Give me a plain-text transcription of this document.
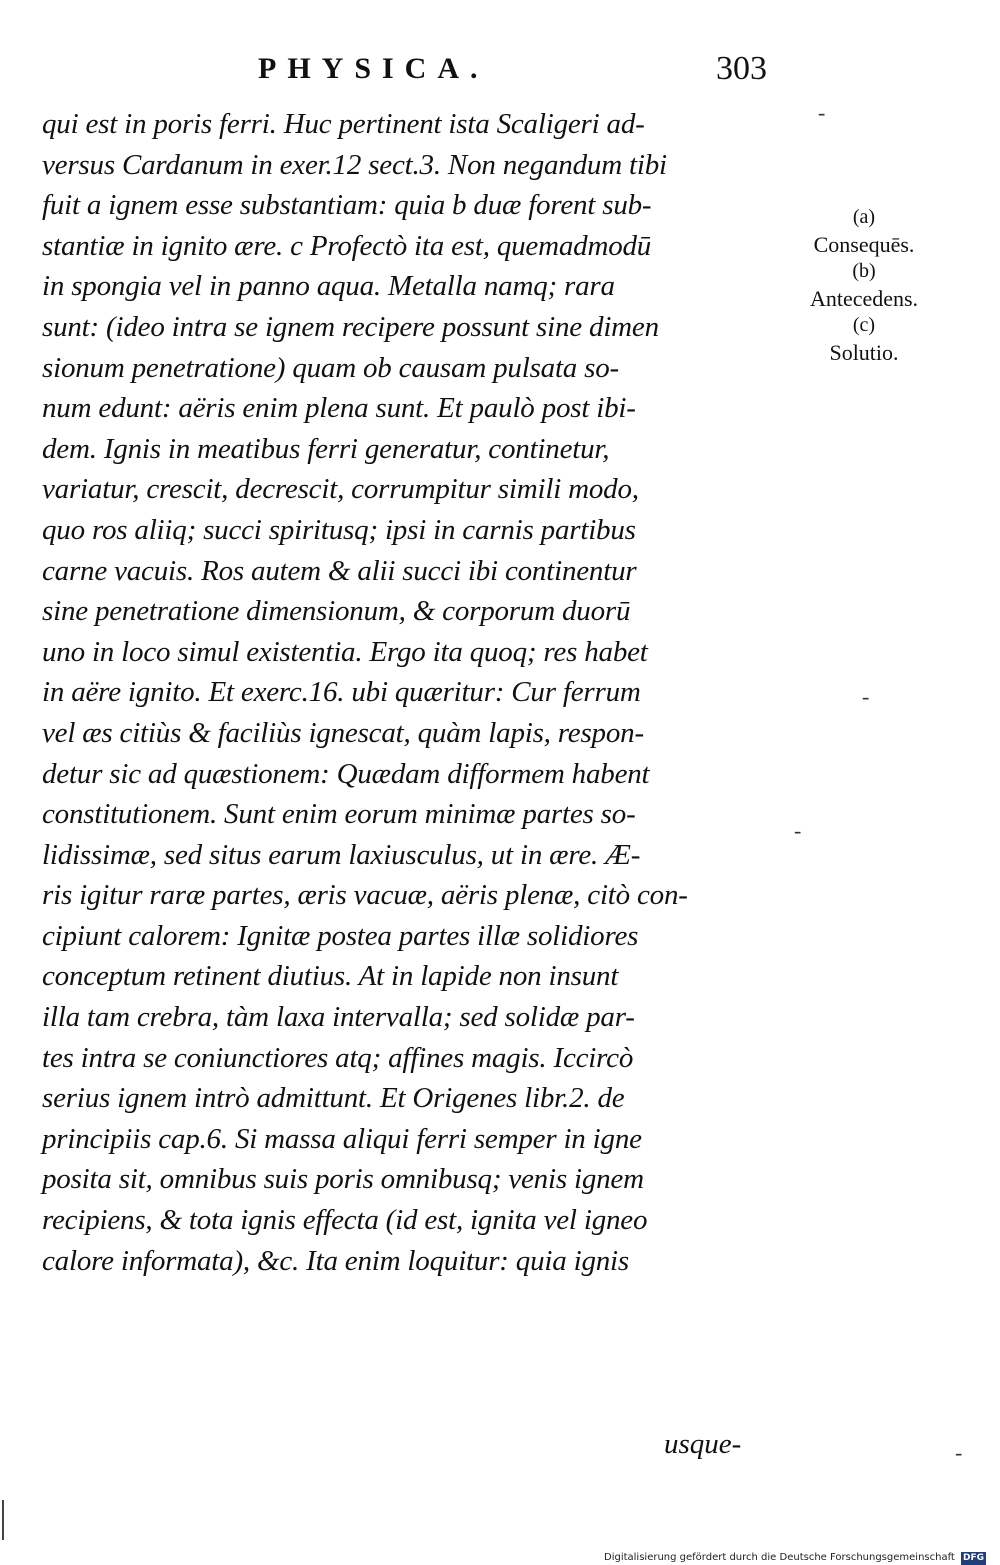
PHYSICA.	303
qui est in poris ferri. Huc pertinent ista Scaligeri ad-
versus Cardanum in exer.12 sect.3. Non negandum tibi
fuit a ignem esse substantiam: quia b duæ forent sub-
stantiæ in ignito ære. c Profectò ita est, quemadmodū
in spongia vel in panno aqua. Metalla namq; rara
sunt: (ideo intra se ignem recipere possunt sine dimen
sionum penetratione) quam ob causam pulsata so-
num edunt: aëris enim plena sunt. Et paulò post ibi-
dem. Ignis in meatibus ferri generatur, continetur,
variatur, crescit, decrescit, corrumpitur simili modo,
quo ros aliiq; succi spiritusq; ipsi in carnis partibus
carne vacuis. Ros autem & alii succi ibi continentur
sine penetratione dimensionum, & corporum duorū
uno in loco simul existentia. Ergo ita quoq; res habet
in aëre ignito. Et exerc.16. ubi quæritur: Cur ferrum
vel æs citiùs & faciliùs ignescat, quàm lapis, respon-
detur sic ad quæstionem: Quædam difformem habent
constitutionem. Sunt enim eorum minimæ partes so-
lidissimæ, sed situs earum laxiusculus, ut in ære. Æ-
ris igitur raræ partes, æris vacuæ, aëris plenæ, citò con-
cipiunt calorem: Ignitæ postea partes illæ solidiores
conceptum retinent diutius. At in lapide non insunt
illa tam crebra, tàm laxa intervalla; sed solidæ par-
tes intra se coniunctiores atq; affines magis. Iccircò
serius ignem intrò admittunt. Et Origenes libr.2. de
principiis cap.6. Si massa aliqui ferri semper in igne
posita sit, omnibus suis poris omnibusq; venis ignem
recipiens, & tota ignis effecta (id est, ignita vel igneo
calore informata), &c. Ita enim loquitur: quia ignis
usque-
(a)
Consequēs.
(b)
Antecedens.
(c)
Solutio.
-
-
-
-
Digitalisierung gefördert durch die Deutsche Forschungsgemeinschaft DFG
